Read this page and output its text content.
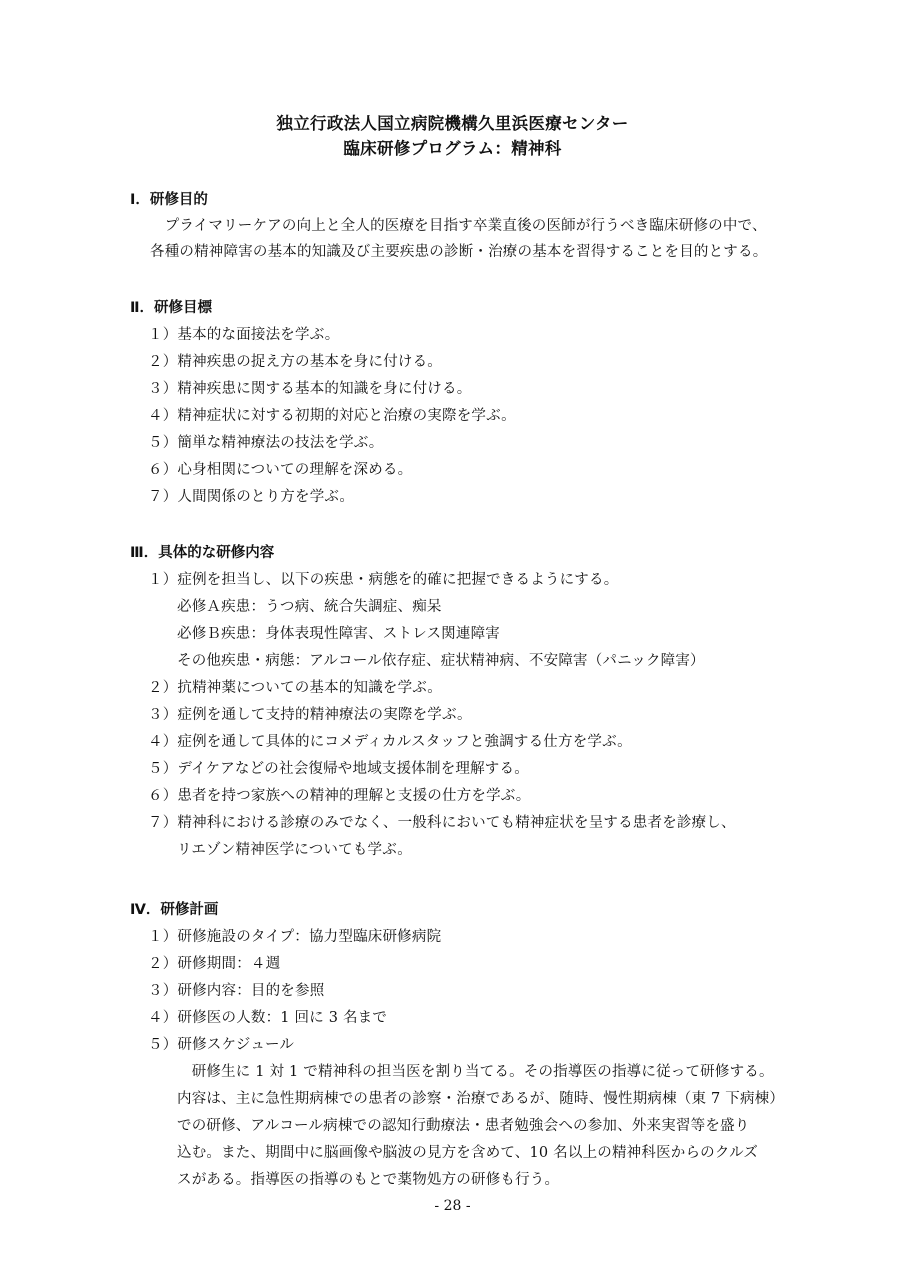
独立行政法人国立病院機構久里浜医療センター
臨床研修プログラム：精神科
Ⅰ．研修目的
　プライマリーケアの向上と全人的医療を目指す卒業直後の医師が行うべき臨床研修の中で、
各種の精神障害の基本的知識及び主要疾患の診断・治療の基本を習得することを目的とする。
Ⅱ．研修目標
１）基本的な面接法を学ぶ。
２）精神疾患の捉え方の基本を身に付ける。
３）精神疾患に関する基本的知識を身に付ける。
４）精神症状に対する初期的対応と治療の実際を学ぶ。
５）簡単な精神療法の技法を学ぶ。
６）心身相関についての理解を深める。
７）人間関係のとり方を学ぶ。
Ⅲ．具体的な研修内容
１）症例を担当し、以下の疾患・病態を的確に把握できるようにする。
必修Ａ疾患：うつ病、統合失調症、痴呆
必修Ｂ疾患：身体表現性障害、ストレス関連障害
その他疾患・病態：アルコール依存症、症状精神病、不安障害（パニック障害）
２）抗精神薬についての基本的知識を学ぶ。
３）症例を通して支持的精神療法の実際を学ぶ。
４）症例を通して具体的にコメディカルスタッフと強調する仕方を学ぶ。
５）デイケアなどの社会復帰や地域支援体制を理解する。
６）患者を持つ家族への精神的理解と支援の仕方を学ぶ。
７）精神科における診療のみでなく、一般科においても精神症状を呈する患者を診療し、
リエゾン精神医学についても学ぶ。
Ⅳ．研修計画
１）研修施設のタイプ：協力型臨床研修病院
２）研修期間：４週
３）研修内容：目的を参照
４）研修医の人数：1 回に 3 名まで
５）研修スケジュール
　研修生に 1 対 1 で精神科の担当医を割り当てる。その指導医の指導に従って研修する。
内容は、主に急性期病棟での患者の診察・治療であるが、随時、慢性期病棟（東 7 下病棟）
での研修、アルコール病棟での認知行動療法・患者勉強会への参加、外来実習等を盛り
込む。また、期間中に脳画像や脳波の見方を含めて、10 名以上の精神科医からのクルズ
スがある。指導医の指導のもとで薬物処方の研修も行う。
- 28 -
